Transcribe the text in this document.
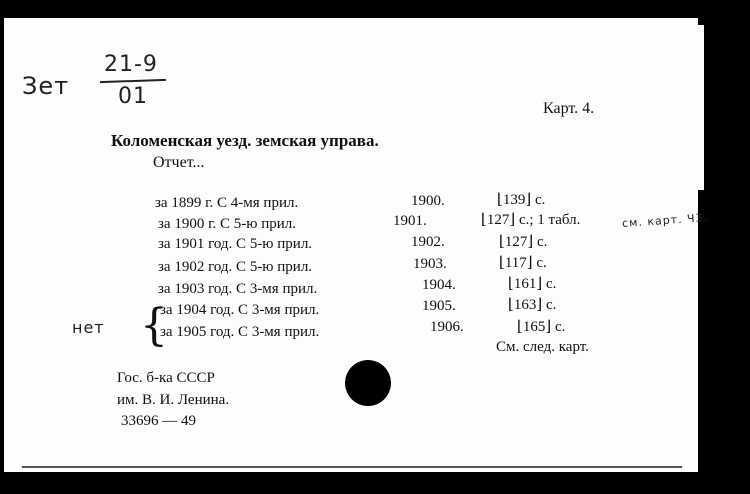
Зет
21-9
01
нет
см. карт. Ч3.
Карт. 4.
Коломенская уезд. земская управа.
Отчет...
за 1899 г. С 4-мя прил.
за 1900 г. С 5-ю прил.
за 1901 год. С 5-ю прил.
за 1902 год. С 5-ю прил.
за 1903 год. С 3-мя прил.
за 1904 год. С 3-мя прил.
за 1905 год. С 3-мя прил.
1900.
1901.
1902.
1903.
1904.
1905.
1906.
⌊139⌋ с.
⌊127⌋ с.; 1 табл.
⌊127⌋ с.
⌊117⌋ с.
⌊161⌋ с.
⌊163⌋ с.
⌊165⌋ с.
{	См. след. карт.
Гос. б-ка СССР
им. В. И. Ленина.
33696 — 49
